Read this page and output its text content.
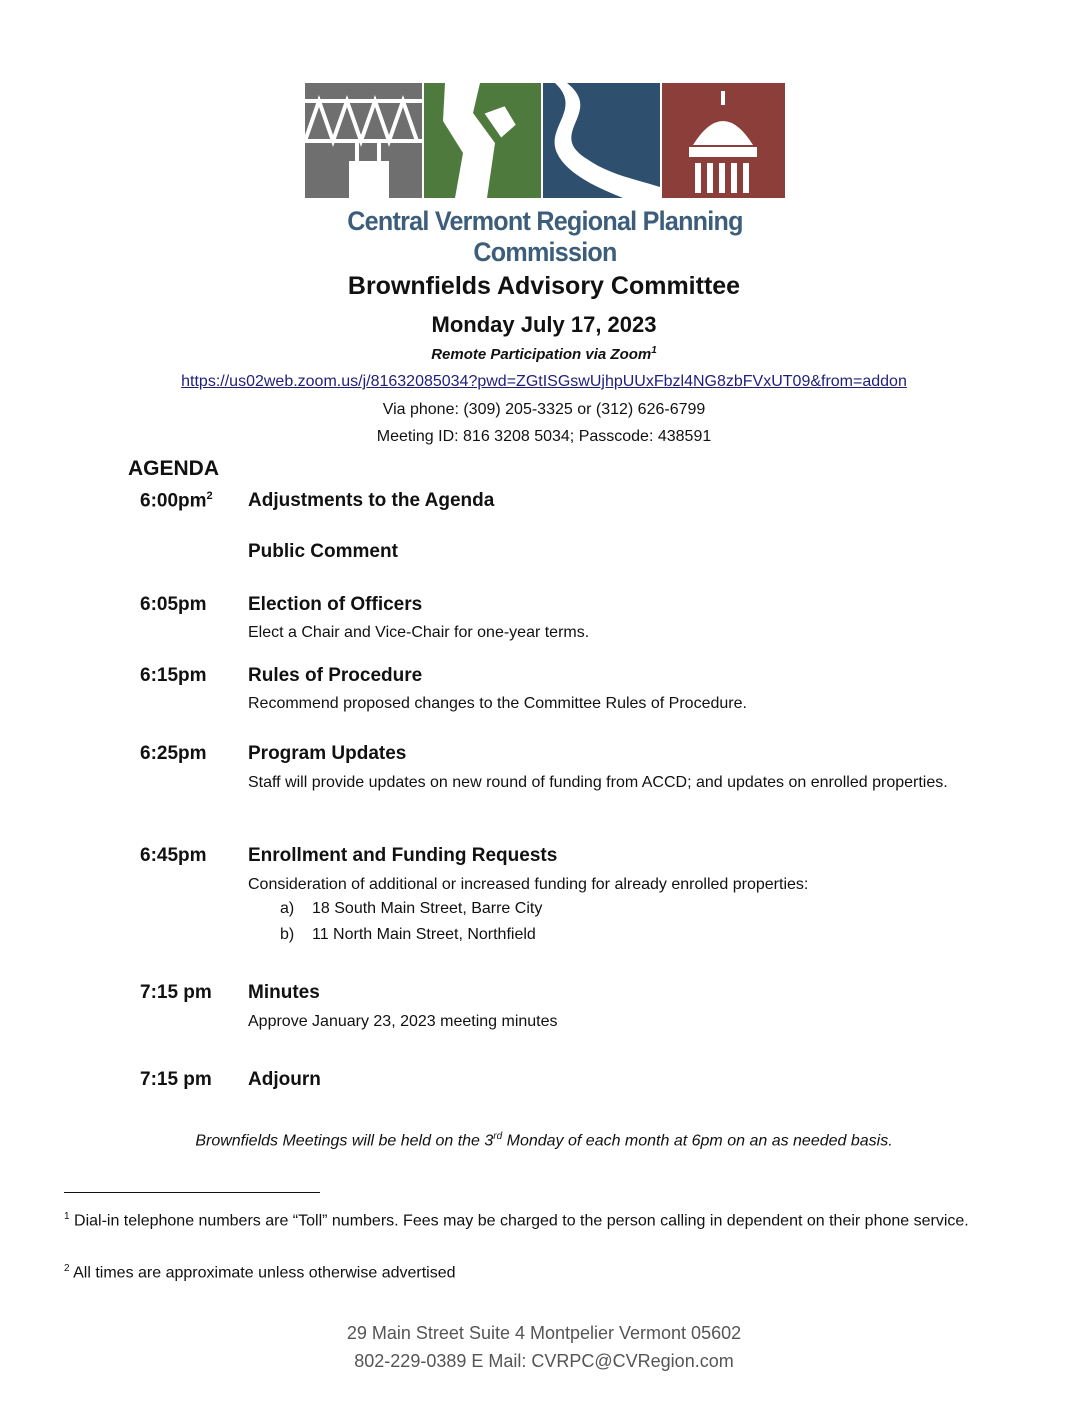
Central Vermont Regional Planning Commission
Brownfields Advisory Committee
Monday July 17, 2023
Remote Participation via Zoom$^1$
https://us02web.zoom.us/j/81632085034?pwd=ZGtISGswUjhpUUxFbzl4NG8zbFVxUT09&from=addon
Via phone: (309) 205-3325 or (312) 626-6799
Meeting ID: 816 3208 5034; Passcode: 438591
AGENDA
$6:00pm^2$ Adjustments to the Agenda
Public Comment
6:05pm Election of Officers
Elect a Chair and Vice-Chair for one-year terms.
6:15pm Rules of Procedure
Recommend proposed changes to the Committee Rules of Procedure.
6:25pm Program Updates
Staff will provide updates on new round of funding from ACCD; and updates on enrolled properties.
6:45pm Enrollment and Funding Requests
Consideration of additional or increased funding for already enrolled properties:
a) 18 South Main Street, Barre City
b) 11 North Main Street, Northfield
7:15 pm Minutes
Approve January 23, 2023 meeting minutes
7:15 pm Adjourn
Brownfields Meetings will be held on the 3rd Monday of each month at 6pm on an as needed basis.
$^1$ Dial-in telephone numbers are “Toll” numbers. Fees may be charged to the person calling in dependent on their phone service.
$^2$ All times are approximate unless otherwise advertised
29 Main Street Suite 4 Montpelier Vermont 05602
802-229-0389 E Mail: CVRPC@CVRegion.com
